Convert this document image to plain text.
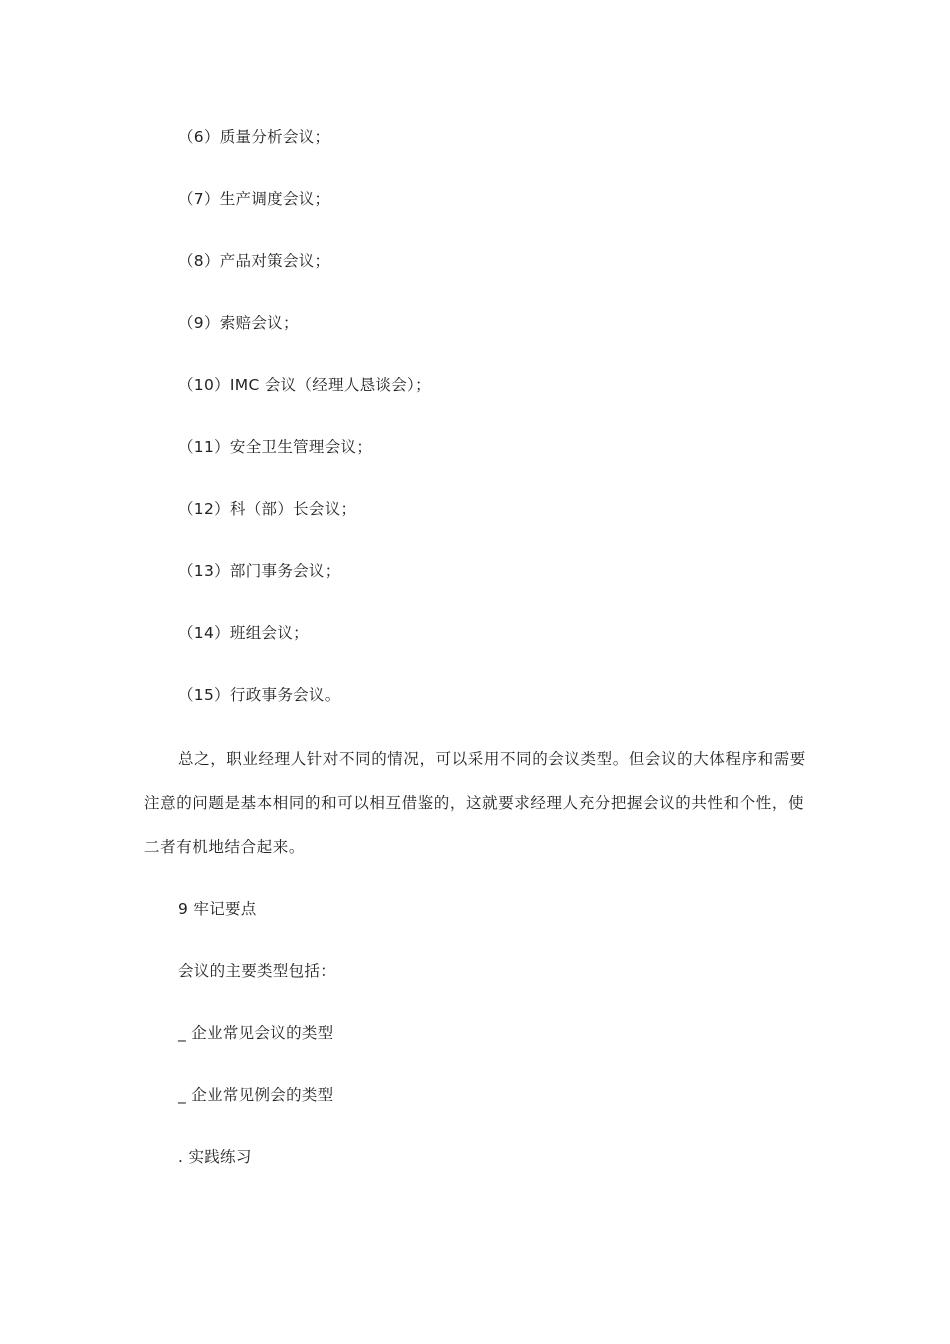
（6）质量分析会议；
（7）生产调度会议；
（8）产品对策会议；
（9）索赔会议；
（10）IMC 会议（经理人恳谈会）；
（11）安全卫生管理会议；
（12）科（部）长会议；
（13）部门事务会议；
（14）班组会议；
（15）行政事务会议。
总之，职业经理人针对不同的情况，可以采用不同的会议类型。但会议的大体程序和需要注意的问题是基本相同的和可以相互借鉴的，这就要求经理人充分把握会议的共性和个性，使二者有机地结合起来。
9 牢记要点
会议的主要类型包括：
_ 企业常见会议的类型
_ 企业常见例会的类型
. 实践练习
